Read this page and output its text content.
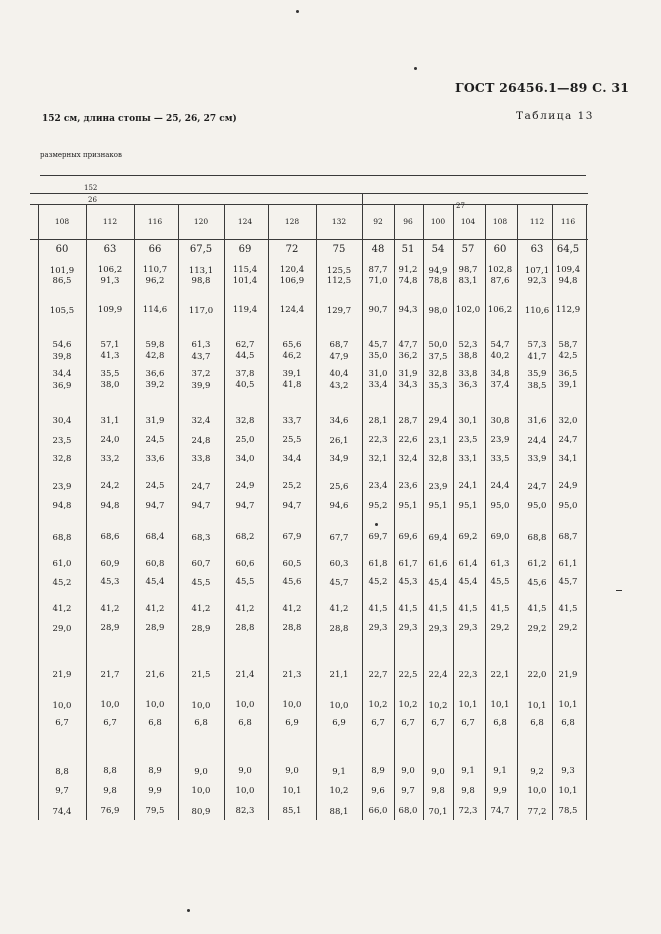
ГОСТ 26456.1—89 С. 31
152 см, длина стопы — 25, 26, 27 см)	Таблица 13
размерных признаков
152
26
27
108	112	116	120	124	128	132	92	96	100	104	108	112	116
60	63	66	67,5	69	72	75	48	51	54	57	60	63	64,5
101,9	106,2	110,7	113,1	115,4	120,4	125,5	87,7	91,2	94,9	98,7	102,8	107,1 109,4
86,5	91,3	96,2	98,8	101,4	106,9	112,5	71,0	74,8	78,8	83,1	87,6	92,3	94,8
105,5	109,9	114,6	117,0	119,4	124,4	129,7	90,7	94,3	98,0 102,0 106,2	110,6 112,9
54,6	57,1	59,8	61,3	62,7	65,6	68,7	45,7	47,7	50,0	52,3	54,7	57,3	58,7
39,8	41,3	42,8	43,7	44,5	46,2	47,9	35,0	36,2	37,5	38,8	40,2	41,7	42,5
34,4	35,5	36,6	37,2	37,8	39,1	40,4	31,0	31,9	32,8	33,8	34,8	35,9	36,5
36,9	38,0	39,2	39,9	40,5	41,8	43,2	33,4	34,3	35,3	36,3	37,4	38,5	39,1
30,4	31,1	31,9	32,4	32,8	33,7	34,6	28,1	28,7	29,4	30,1	30,8	31,6	32,0
23,5	24,0	24,5	24,8	25,0	25,5	26,1	22,3	22,6	23,1	23,5	23,9	24,4	24,7
32,8	33,2	33,6	33,8	34,0	34,4	34,9	32,1	32,4	32,8	33,1	33,5	33,9	34,1
23,9	24,2	24,5	24,7	24,9	25,2	25,6	23,4	23,6	23,9	24,1	24,4	24,7	24,9
94,8	94,8	94,7	94,7	94,7	94,7	94,6	95,2	95,1	95,1	95,1	95,0	95,0	95,0
68,8	68,6	68,4	68,3	68,2	67,9	67,7	69,7	69,6	69,4	69,2	69,0	68,8	68,7
61,0	60,9	60,8	60,7	60,6	60,5	60,3	61,8	61,7	61,6	61,4	61,3	61,2	61,1
45,2	45,3	45,4	45,5	45,5	45,6	45,7	45,2	45,3	45,4	45,4	45,5	45,6	45,7
41,2	41,2	41,2	41,2	41,2	41,2	41,2	41,5	41,5	41,5	41,5	41,5	41,5	41,5
29,0	28,9	28,9	28,9	28,8	28,8	28,8	29,3	29,3	29,3	29,3	29,2	29,2	29,2
21,9	21,7	21,6	21,5	21,4	21,3	21,1	22,7	22,5	22,4	22,3	22,1	22,0	21,9
10,0	10,0	10,0	10,0	10,0	10,0	10,0	10,2	10,2	10,2	10,1	10,1	10,1	10,1
6,7	6,7	6,8	6,8	6,8	6,9	6,9	6,7	6,7	6,7	6,7	6,8	6,8	6,8
8,8	8,8	8,9	9,0	9,0	9,0	9,1	8,9	9,0	9,0	9,1	9,1	9,2	9,3
9,7	9,8	9,9	10,0	10,0	10,1	10,2	9,6	9,7	9,8	9,8	9,9	10,0	10,1
74,4	76,9	79,5	80,9	82,3	85,1	88,1	66,0	68,0	70,1	72,3	74,7	77,2	78,5
